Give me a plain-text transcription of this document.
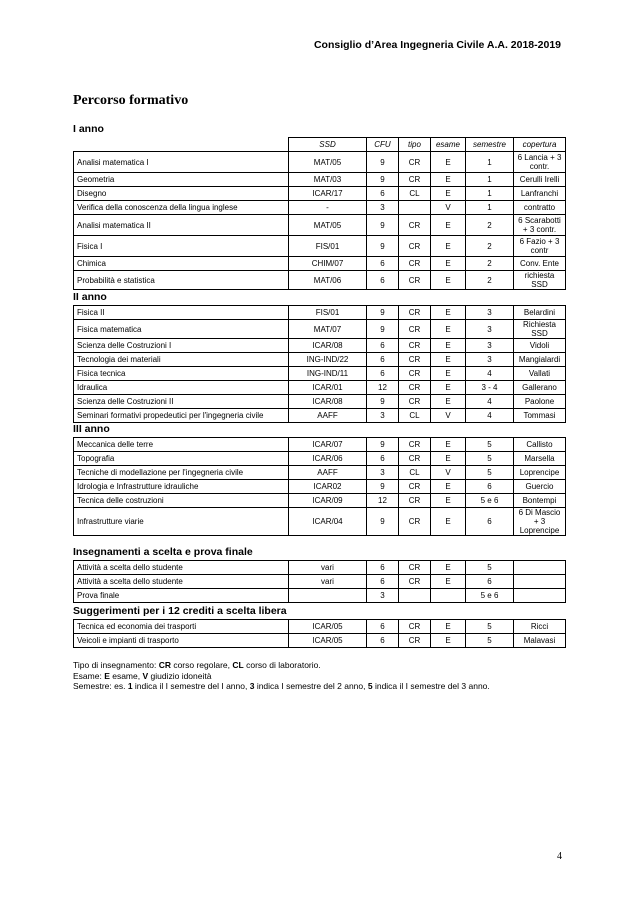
Consiglio d’Area Ingegneria Civile A.A. 2018-2019
Percorso formativo
I anno
	SSD	CFU	tipo	esame	semestre	copertura
Analisi matematica I	MAT/05	9	CR	E	1	6 Lancia + 3 contr.
Geometria	MAT/03	9	CR	E	1	Cerulli Irelli
Disegno	ICAR/17	6	CL	E	1	Lanfranchi
Verifica della conoscenza della lingua inglese	-	3		V	1	contratto
Analisi matematica II	MAT/05	9	CR	E	2	6 Scarabotti + 3 contr.
Fisica I	FIS/01	9	CR	E	2	6 Fazio + 3 contr
Chimica	CHIM/07	6	CR	E	2	Conv. Ente
Probabilità e statistica	MAT/06	6	CR	E	2	richiesta SSD
II anno
Fisica II	FIS/01	9	CR	E	3	Belardini
Fisica matematica	MAT/07	9	CR	E	3	Richiesta SSD
Scienza delle Costruzioni I	ICAR/08	6	CR	E	3	Vidoli
Tecnologia dei materiali	ING-IND/22	6	CR	E	3	Mangialardi
Fisica tecnica	ING-IND/11	6	CR	E	4	Vallati
Idraulica	ICAR/01	12	CR	E	3 - 4	Gallerano
Scienza delle Costruzioni II	ICAR/08	9	CR	E	4	Paolone
Seminari formativi propedeutici per l'ingegneria civile	AAFF	3	CL	V	4	Tommasi
III anno
Meccanica delle terre	ICAR/07	9	CR	E	5	Callisto
Topografia	ICAR/06	6	CR	E	5	Marsella
Tecniche di modellazione per l'ingegneria civile	AAFF	3	CL	V	5	Loprencipe
Idrologia e Infrastrutture idrauliche	ICAR02	9	CR	E	6	Guercio
Tecnica delle costruzioni	ICAR/09	12	CR	E	5 e 6	Bontempi
Infrastrutture viarie	ICAR/04	9	CR	E	6	6 Di Mascio + 3 Loprencipe
Insegnamenti a scelta e prova finale
Attività a scelta dello studente	vari	6	CR	E	5	
Attività a scelta dello studente	vari	6	CR	E	6	
Prova finale		3			5 e 6	
Suggerimenti per i 12 crediti a scelta libera
Tecnica ed economia dei trasporti	ICAR/05	6	CR	E	5	Ricci
Veicoli e impianti di trasporto	ICAR/05	6	CR	E	5	Malavasi
Tipo di insegnamento: CR corso regolare, CL corso di laboratorio.
Esame: E esame, V giudizio idoneità
Semestre: es. 1 indica il I semestre del I anno, 3 indica I semestre del 2 anno, 5 indica il I semestre del 3 anno.
4
